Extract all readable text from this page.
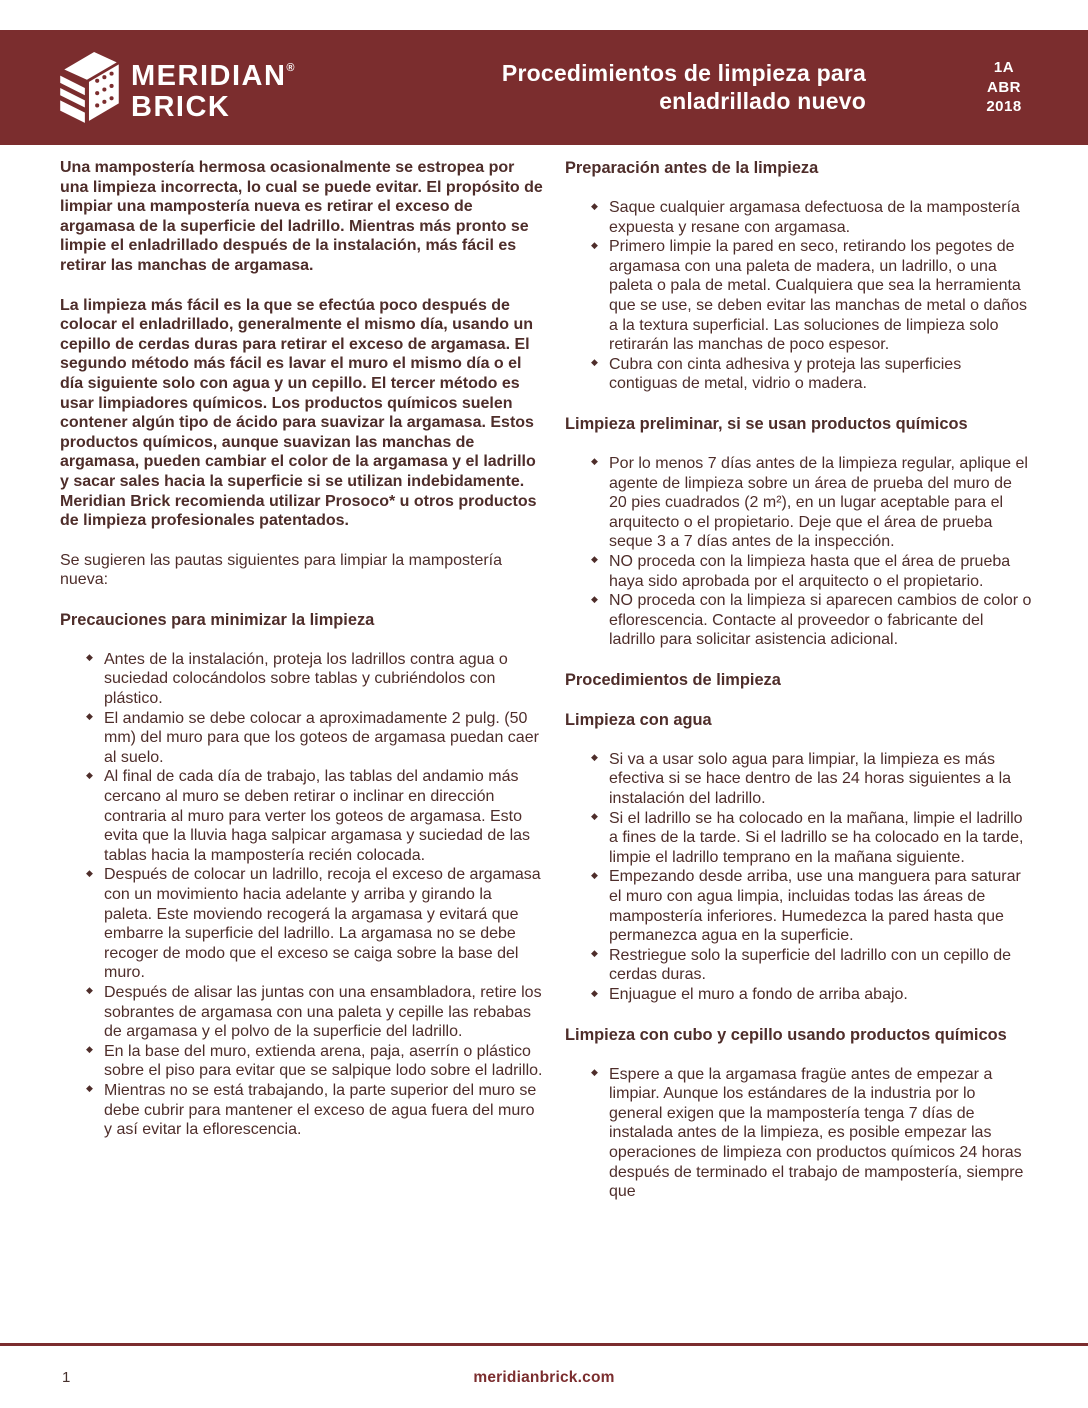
MERIDIAN®
BRICK
Procedimientos de limpieza para
enladrillado nuevo
1A
ABR
2018

Una mampostería hermosa ocasionalmente se estropea por una limpieza incorrecta, lo cual se puede evitar. El propósito de limpiar una mampostería nueva es retirar el exceso de argamasa de la superficie del ladrillo. Mientras más pronto se limpie el enladrillado después de la instalación, más fácil es retirar las manchas de argamasa.

La limpieza más fácil es la que se efectúa poco después de colocar el enladrillado, generalmente el mismo día, usando un cepillo de cerdas duras para retirar el exceso de argamasa. El segundo método más fácil es lavar el muro el mismo día o el día siguiente solo con agua y un cepillo. El tercer método es usar limpiadores químicos. Los productos químicos suelen contener algún tipo de ácido para suavizar la argamasa. Estos productos químicos, aunque suavizan las manchas de argamasa, pueden cambiar el color de la argamasa y el ladrillo y sacar sales hacia la superficie si se utilizan indebidamente. Meridian Brick recomienda utilizar Prosoco* u otros productos de limpieza profesionales patentados.

Se sugieren las pautas siguientes para limpiar la mampostería nueva:

Precauciones para minimizar la limpieza
◆ Antes de la instalación, proteja los ladrillos contra agua o suciedad colocándolos sobre tablas y cubriéndolos con plástico.
◆ El andamio se debe colocar a aproximadamente 2 pulg. (50 mm) del muro para que los goteos de argamasa puedan caer al suelo.
◆ Al final de cada día de trabajo, las tablas del andamio más cercano al muro se deben retirar o inclinar en dirección contraria al muro para verter los goteos de argamasa. Esto evita que la lluvia haga salpicar argamasa y suciedad de las tablas hacia la mampostería recién colocada.
◆ Después de colocar un ladrillo, recoja el exceso de argamasa con un movimiento hacia adelante y arriba y girando la paleta. Este moviendo recogerá la argamasa y evitará que embarre la superficie del ladrillo. La argamasa no se debe recoger de modo que el exceso se caiga sobre la base del muro.
◆ Después de alisar las juntas con una ensambladora, retire los sobrantes de argamasa con una paleta y cepille las rebabas de argamasa y el polvo de la superficie del ladrillo.
◆ En la base del muro, extienda arena, paja, aserrín o plástico sobre el piso para evitar que se salpique lodo sobre el ladrillo.
◆ Mientras no se está trabajando, la parte superior del muro se debe cubrir para mantener el exceso de agua fuera del muro y así evitar la eflorescencia.
Preparación antes de la limpieza
◆ Saque cualquier argamasa defectuosa de la mampostería expuesta y resane con argamasa.
◆ Primero limpie la pared en seco, retirando los pegotes de argamasa con una paleta de madera, un ladrillo, o una paleta o pala de metal. Cualquiera que sea la herramienta que se use, se deben evitar las manchas de metal o daños a la textura superficial. Las soluciones de limpieza solo retirarán las manchas de poco espesor.
◆ Cubra con cinta adhesiva y proteja las superficies contiguas de metal, vidrio o madera.
Limpieza preliminar, si se usan productos químicos
◆ Por lo menos 7 días antes de la limpieza regular, aplique el agente de limpieza sobre un área de prueba del muro de 20 pies cuadrados (2 m²), en un lugar aceptable para el arquitecto o el propietario. Deje que el área de prueba seque 3 a 7 días antes de la inspección.
◆ NO proceda con la limpieza hasta que el área de prueba haya sido aprobada por el arquitecto o el propietario.
◆ NO proceda con la limpieza si aparecen cambios de color o eflorescencia. Contacte al proveedor o fabricante del ladrillo para solicitar asistencia adicional.
Procedimientos de limpieza
Limpieza con agua
◆ Si va a usar solo agua para limpiar, la limpieza es más efectiva si se hace dentro de las 24 horas siguientes a la instalación del ladrillo.
◆ Si el ladrillo se ha colocado en la mañana, limpie el ladrillo a fines de la tarde. Si el ladrillo se ha colocado en la tarde, limpie el ladrillo temprano en la mañana siguiente.
◆ Empezando desde arriba, use una manguera para saturar el muro con agua limpia, incluidas todas las áreas de mampostería inferiores. Humedezca la pared hasta que permanezca agua en la superficie.
◆ Restriegue solo la superficie del ladrillo con un cepillo de cerdas duras.
◆ Enjuague el muro a fondo de arriba abajo.
Limpieza con cubo y cepillo usando productos químicos
◆ Espere a que la argamasa fragüe antes de empezar a limpiar. Aunque los estándares de la industria por lo general exigen que la mampostería tenga 7 días de instalada antes de la limpieza, es posible empezar las operaciones de limpieza con productos químicos 24 horas después de terminado el trabajo de mampostería, siempre que
1	meridianbrick.com
